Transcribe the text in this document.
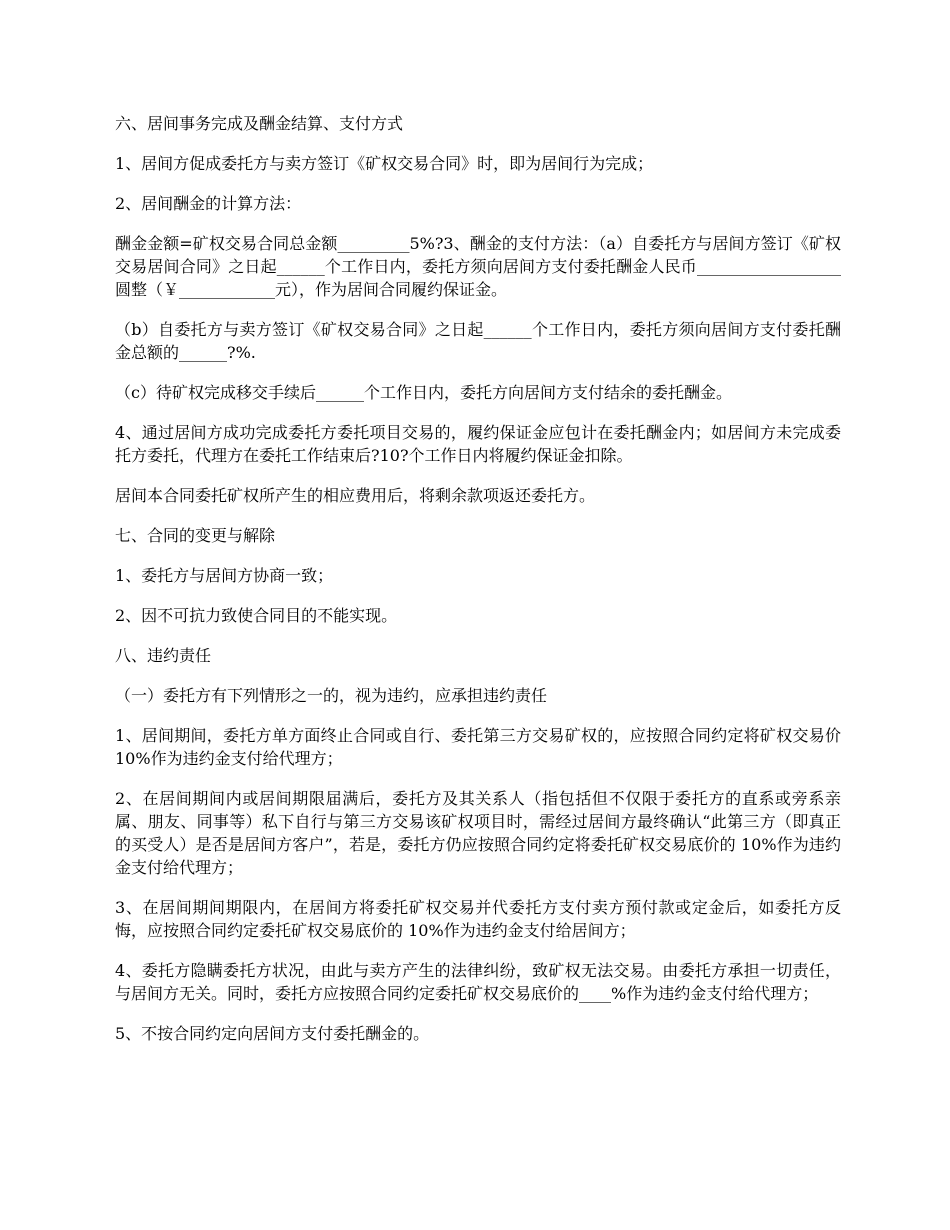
六、居间事务完成及酬金结算、支付方式

1、居间方促成委托方与卖方签订《矿权交易合同》时，即为居间行为完成；

2、居间酬金的计算方法：

酬金金额=矿权交易合同总金额_________5%?3、酬金的支付方法：（a）自委托方与居间方签订《矿权交易居间合同》之日起______个工作日内，委托方须向居间方支付委托酬金人民币__________________圆整（￥____________元），作为居间合同履约保证金。

（b）自委托方与卖方签订《矿权交易合同》之日起______个工作日内，委托方须向居间方支付委托酬金总额的______?%.

（c）待矿权完成移交手续后______个工作日内，委托方向居间方支付结余的委托酬金。

4、通过居间方成功完成委托方委托项目交易的，履约保证金应包计在委托酬金内；如居间方未完成委托方委托，代理方在委托工作结束后?10?个工作日内将履约保证金扣除。

居间本合同委托矿权所产生的相应费用后，将剩余款项返还委托方。

七、合同的变更与解除

1、委托方与居间方协商一致；

2、因不可抗力致使合同目的不能实现。

八、违约责任

（一）委托方有下列情形之一的，视为违约，应承担违约责任

1、居间期间，委托方单方面终止合同或自行、委托第三方交易矿权的，应按照合同约定将矿权交易价 10%作为违约金支付给代理方；

2、在居间期间内或居间期限届满后，委托方及其关系人（指包括但不仅限于委托方的直系或旁系亲属、朋友、同事等）私下自行与第三方交易该矿权项目时，需经过居间方最终确认“此第三方（即真正的买受人）是否是居间方客户”，若是，委托方仍应按照合同约定将委托矿权交易底价的 10%作为违约金支付给代理方；

3、在居间期间期限内，在居间方将委托矿权交易并代委托方支付卖方预付款或定金后，如委托方反悔，应按照合同约定委托矿权交易底价的 10%作为违约金支付给居间方；

4、委托方隐瞒委托方状况，由此与卖方产生的法律纠纷，致矿权无法交易。由委托方承担一切责任，与居间方无关。同时，委托方应按照合同约定委托矿权交易底价的____%作为违约金支付给代理方；

5、不按合同约定向居间方支付委托酬金的。
